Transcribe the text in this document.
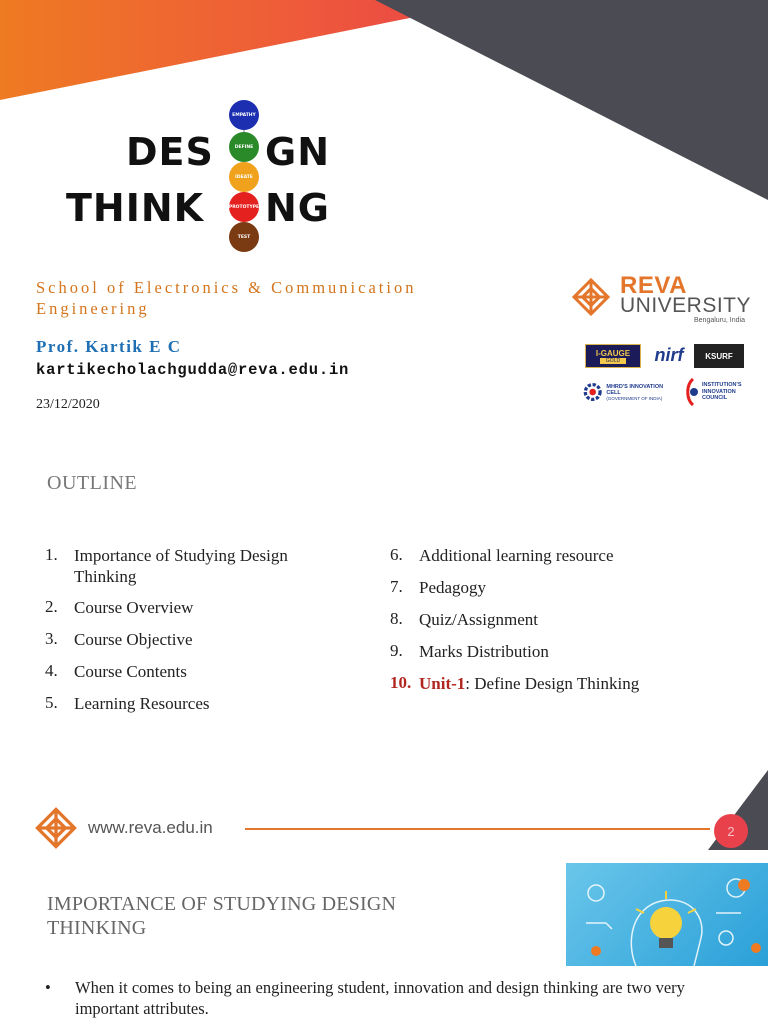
DES GN
THINK NG
EMPATHY
DEFINE
IDEATE
PROTOTYPE
TEST
School of Electronics & Communication Engineering
Prof. Kartik E C
kartikecholachgudda@reva.edu.in
23/12/2020
REVA
UNIVERSITY
Bengaluru, India
I-GAUGE
GOLD	nirf	KSURF
MHRD'S INNOVATION CELL
(GOVERNMENT OF INDIA)
INSTITUTION'S INNOVATION COUNCIL
OUTLINE
1. Importance of Studying Design Thinking
2. Course Overview
3. Course Objective
4. Course Contents
5. Learning Resources
6. Additional learning resource
7. Pedagogy
8. Quiz/Assignment
9. Marks Distribution
10. Unit-1: Define Design Thinking
www.reva.edu.in	2
IMPORTANCE OF STUDYING DESIGN THINKING
•	When it comes to being an engineering student, innovation and design thinking are two very important attributes.
